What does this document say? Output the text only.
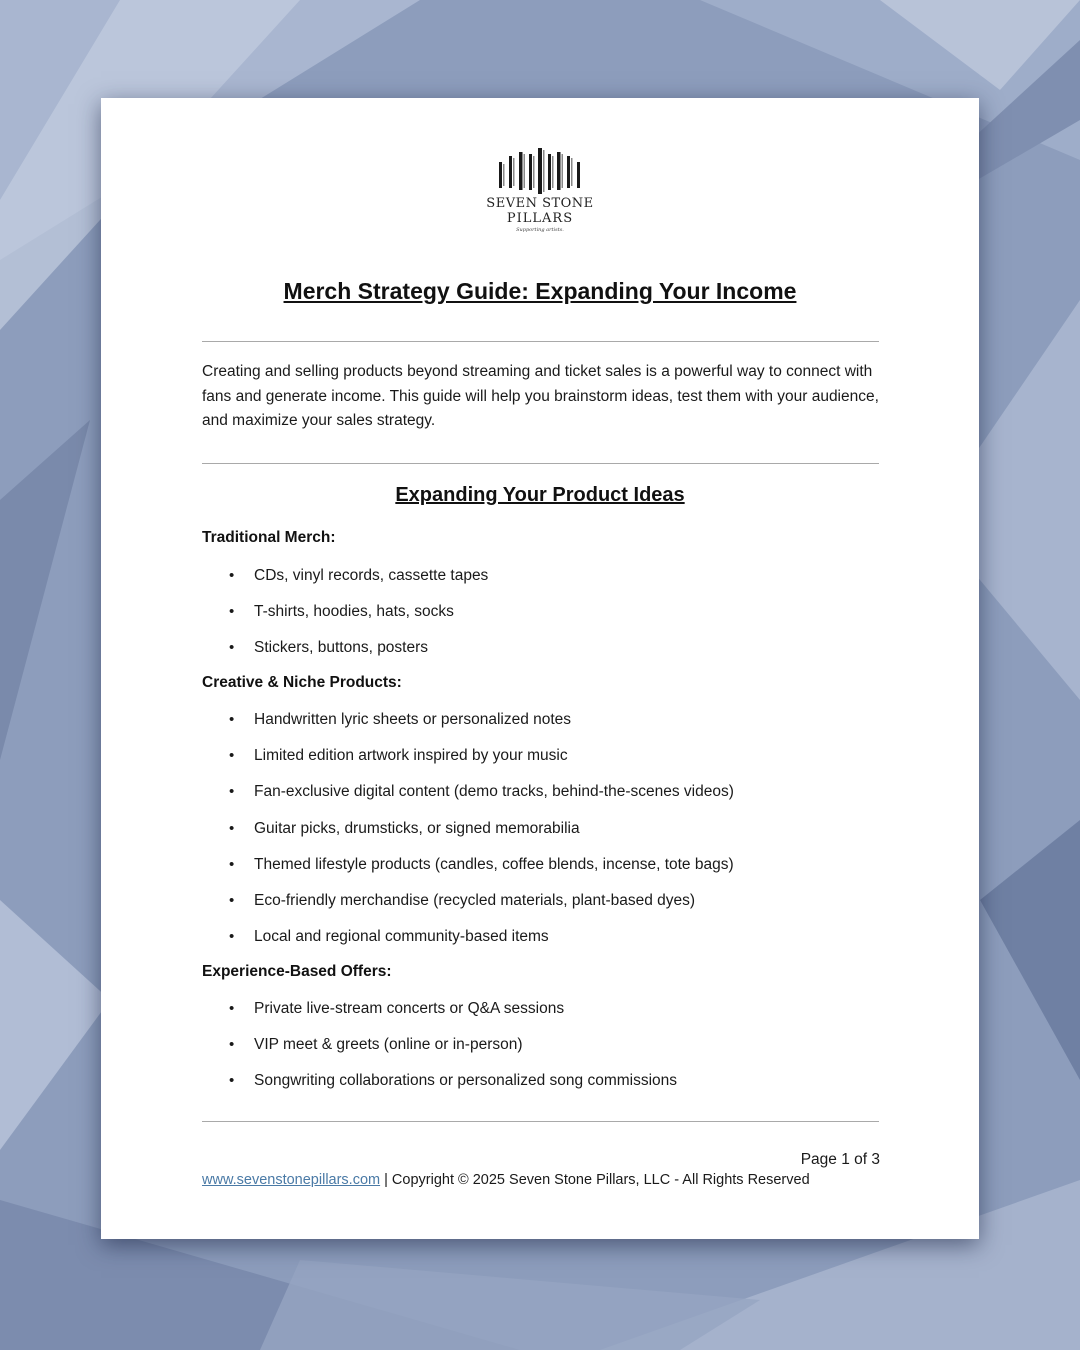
SEVEN STONE
PILLARS
Supporting artists.
Merch Strategy Guide: Expanding Your Income

Creating and selling products beyond streaming and ticket sales is a powerful way to connect with fans and generate income. This guide will help you brainstorm ideas, test them with your audience, and maximize your sales strategy.

Expanding Your Product Ideas
Traditional Merch:
• CDs, vinyl records, cassette tapes
• T-shirts, hoodies, hats, socks
• Stickers, buttons, posters
Creative & Niche Products:
• Handwritten lyric sheets or personalized notes
• Limited edition artwork inspired by your music
• Fan-exclusive digital content (demo tracks, behind-the-scenes videos)
• Guitar picks, drumsticks, or signed memorabilia
• Themed lifestyle products (candles, coffee blends, incense, tote bags)
• Eco-friendly merchandise (recycled materials, plant-based dyes)
• Local and regional community-based items
Experience-Based Offers:
• Private live-stream concerts or Q&A sessions
• VIP meet & greets (online or in-person)
• Songwriting collaborations or personalized song commissions
Page 1 of 3
www.sevenstonepillars.com | Copyright © 2025 Seven Stone Pillars, LLC - All Rights Reserved
